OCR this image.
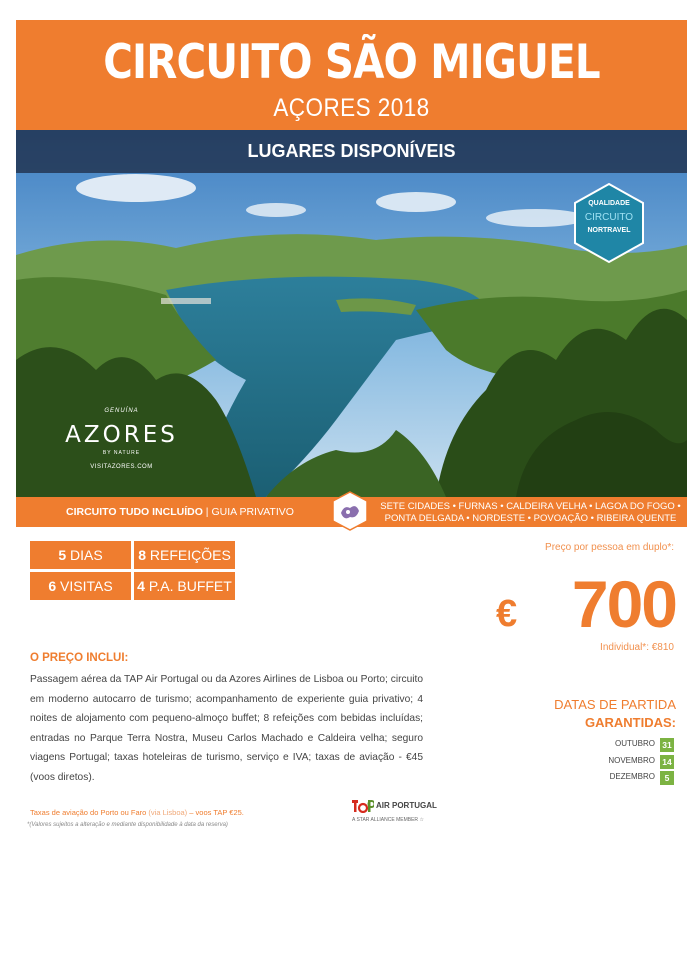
CIRCUITO SÃO MIGUEL
AÇORES 2018
LUGARES DISPONÍVEIS
QUALIDADE
CIRCUITO
NORTRAVEL
GENUÍNA
AZORES
BY NATURE
VISITAZORES.COM
CIRCUITO TUDO INCLUÍDO | GUIA PRIVATIVO	SETE CIDADES • FURNAS • CALDEIRA VELHA • LAGOA DO FOGO • PONTA DELGADA • NORDESTE • POVOAÇÃO • RIBEIRA QUENTE
5 DIAS	8 REFEIÇÕES
6 VISITAS	4 P.A. BUFFET
Preço por pessoa em duplo*:
€ 700
Individual*: €810
O PREÇO INCLUI:
Passagem aérea da TAP Air Portugal ou da Azores Airlines de Lisboa ou Porto; circuito em moderno autocarro de turismo; acompanhamento de experiente guia privativo; 4 noites de alojamento com pequeno-almoço buffet; 8 refeições com bebidas incluídas; entradas no Parque Terra Nostra, Museu Carlos Machado e Caldeira velha; seguro viagens Portugal; taxas hoteleiras de turismo, serviço e IVA; taxas de aviação - €45 (voos diretos).
DATAS DE PARTIDA
GARANTIDAS:
OUTUBRO 31
NOVEMBRO 14
DEZEMBRO	5
Taxas de aviação do Porto ou Faro (via Lisboa) – voos TAP €25.
*(Valores sujeitos a alteração e mediante disponibilidade à data da reserva)
AIR PORTUGAL
A STAR ALLIANCE MEMBER ☆
